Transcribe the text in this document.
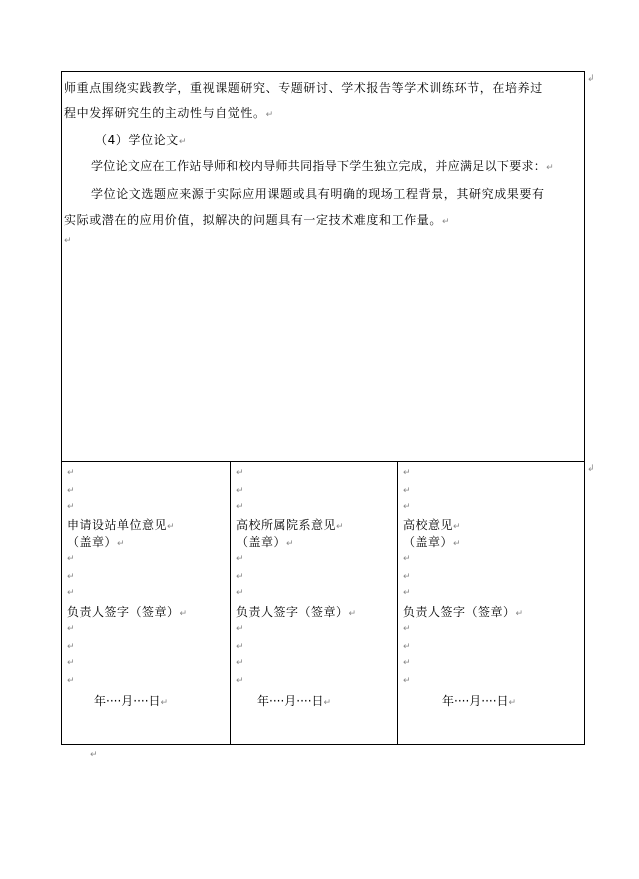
师重点围绕实践教学，重视课题研究、专题研讨、学术报告等学术训练环节，在培养过
程中发挥研究生的主动性与自觉性。↵
（4）学位论文↵
学位论文应在工作站导师和校内导师共同指导下学生独立完成，并应满足以下要求：↵
学位论文选题应来源于实际应用课题或具有明确的现场工程背景，其研究成果要有
实际或潜在的应用价值，拟解决的问题具有一定技术难度和工作量。↵
↵
↲
↲
↵
↵
↵
申请设站单位意见↵
（盖章）↵
↵
↵
↵
负责人签字（签章）↵
↵
↵
↵
↵
年····月····日↵
↵
↵
↵
高校所属院系意见↵
（盖章）↵
↵
↵
↵
负责人签字（签章）↵
↵
↵
↵
↵
年····月····日↵
↵
↵
↵
高校意见↵
（盖章）↵
↵
↵
↵
负责人签字（签章）↵
↵
↵
↵
↵
年····月····日↵
↵
